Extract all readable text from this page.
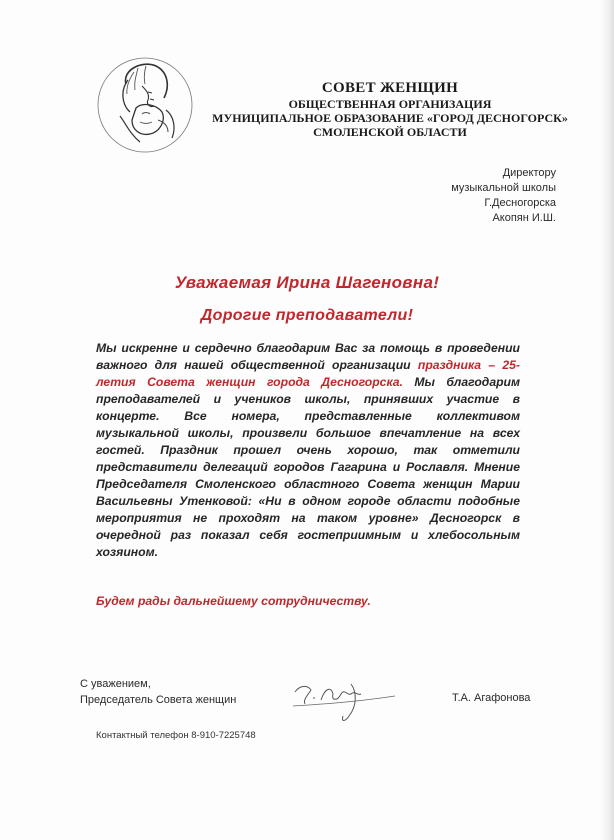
СОВЕТ ЖЕНЩИН
ОБЩЕСТВЕННАЯ ОРГАНИЗАЦИЯ
МУНИЦИПАЛЬНОЕ ОБРАЗОВАНИЕ «ГОРОД ДЕСНОГОРСК»
СМОЛЕНСКОЙ ОБЛАСТИ
Директору
музыкальной школы
Г.Десногорска
Акопян И.Ш.
Уважаемая Ирина Шагеновна!
Дорогие преподаватели!
Мы искренне и сердечно благодарим Вас за помощь в проведении важного для нашей общественной организации праздника – 25-летия Совета женщин города Десногорска. Мы благодарим преподавателей и учеников школы, принявших участие в концерте. Все номера, представленные коллективом музыкальной школы, произвели большое впечатление на всех гостей. Праздник прошел очень хорошо, так отметили представители делегаций городов Гагарина и Рославля. Мнение Председателя Смоленского областного Совета женщин Марии Васильевны Утенковой: «Ни в одном городе области подобные мероприятия не проходят на таком уровне» Десногорск в очередной раз показал себя гостеприимным и хлебосольным хозяином.
Будем рады дальнейшему сотрудничеству.
С уважением,
Председатель Совета женщин	Т.А. Агафонова
Контактный телефон 8-910-7225748
